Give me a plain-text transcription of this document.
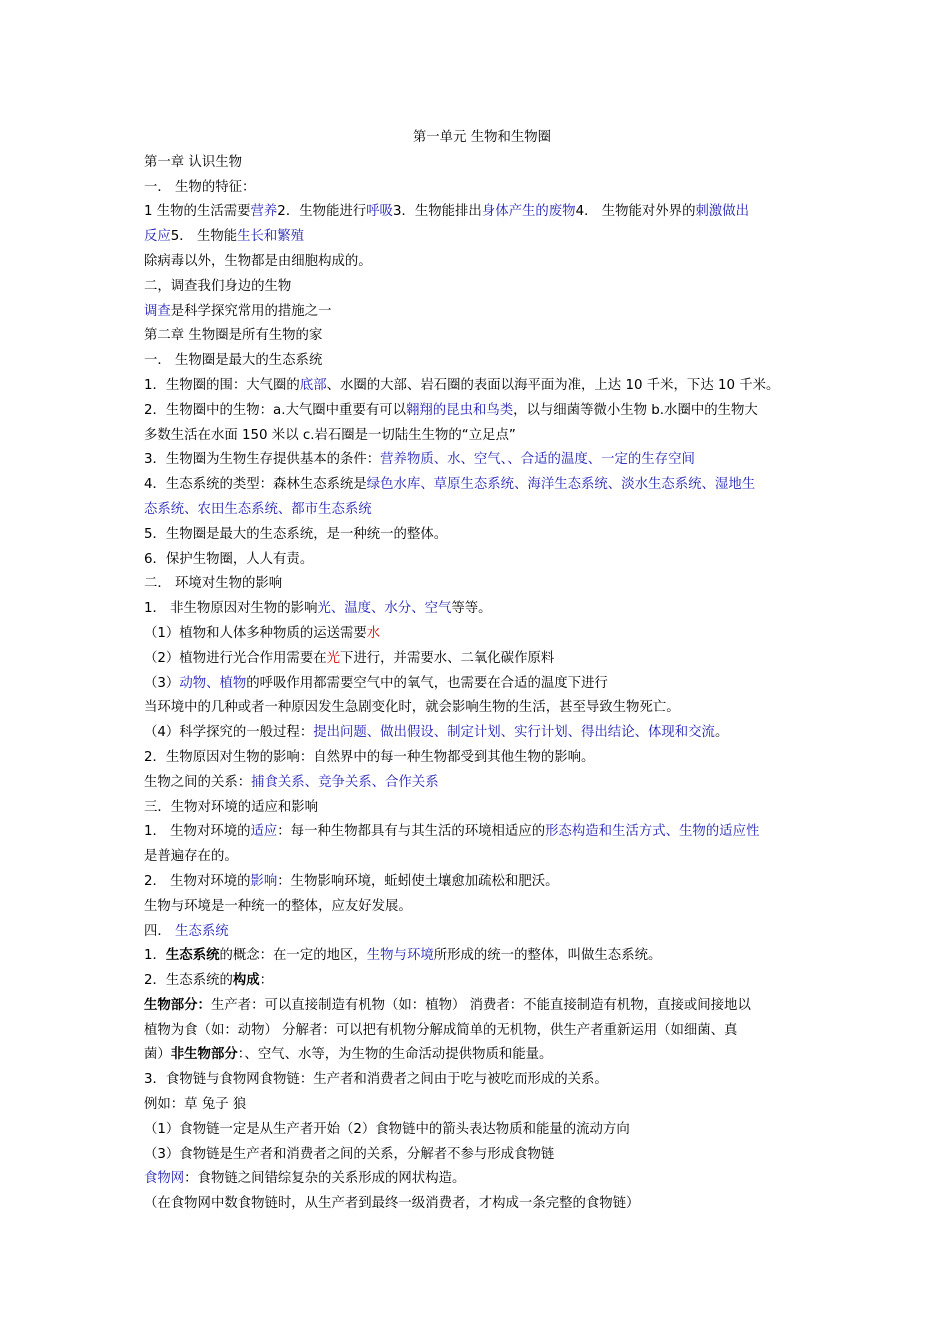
第一单元 生物和生物圈
第一章 认识生物
一． 生物的特征：
1 生物的生活需要营养2．生物能进行呼吸3．生物能排出身体产生的废物4． 生物能对外界的刺激做出
反应5． 生物能生长和繁殖
除病毒以外，生物都是由细胞构成的。
二，调查我们身边的生物
调查是科学探究常用的措施之一
第二章 生物圈是所有生物的家
一． 生物圈是最大的生态系统
1．生物圈的围：大气圈的底部、水圈的大部、岩石圈的表面以海平面为准，上达 10 千米，下达 10 千米。
2．生物圈中的生物：a.大气圈中重要有可以翱翔的昆虫和鸟类，以与细菌等微小生物 b.水圈中的生物大
多数生活在水面 150 米以 c.岩石圈是一切陆生生物的“立足点”
3．生物圈为生物生存提供基本的条件：营养物质、水、空气、、合适的温度、一定的生存空间
4．生态系统的类型：森林生态系统是绿色水库、草原生态系统、海洋生态系统、淡水生态系统、湿地生
态系统、农田生态系统、都市生态系统
5．生物圈是最大的生态系统，是一种统一的整体。
6．保护生物圈，人人有责。
二． 环境对生物的影响
1． 非生物原因对生物的影响光、温度、水分、空气等等。
（1）植物和人体多种物质的运送需要水
（2）植物进行光合作用需要在光下进行，并需要水、二氧化碳作原料
（3）动物、植物的呼吸作用都需要空气中的氧气，也需要在合适的温度下进行
当环境中的几种或者一种原因发生急剧变化时，就会影响生物的生活，甚至导致生物死亡。
（4）科学探究的一般过程：提出问题、做出假设、制定计划、实行计划、得出结论、体现和交流。
2．生物原因对生物的影响：自然界中的每一种生物都受到其他生物的影响。
生物之间的关系：捕食关系、竞争关系、合作关系
三．生物对环境的适应和影响
1． 生物对环境的适应：每一种生物都具有与其生活的环境相适应的形态构造和生活方式、生物的适应性
是普遍存在的。
2． 生物对环境的影响：生物影响环境，蚯蚓使土壤愈加疏松和肥沃。
生物与环境是一种统一的整体，应友好发展。
四． 生态系统
1．生态系统的概念：在一定的地区，生物与环境所形成的统一的整体，叫做生态系统。
2．生态系统的构成：
生物部分：生产者：可以直接制造有机物（如：植物） 消费者：不能直接制造有机物，直接或间接地以
植物为食（如：动物） 分解者：可以把有机物分解成简单的无机物，供生产者重新运用（如细菌、真
菌）非生物部分：、空气、水等，为生物的生命活动提供物质和能量。
3．食物链与食物网食物链：生产者和消费者之间由于吃与被吃而形成的关系。
例如：草 兔子 狼
（1）食物链一定是从生产者开始（2）食物链中的箭头表达物质和能量的流动方向
（3）食物链是生产者和消费者之间的关系，分解者不参与形成食物链
食物网：食物链之间错综复杂的关系形成的网状构造。
（在食物网中数食物链时，从生产者到最终一级消费者，才构成一条完整的食物链）
